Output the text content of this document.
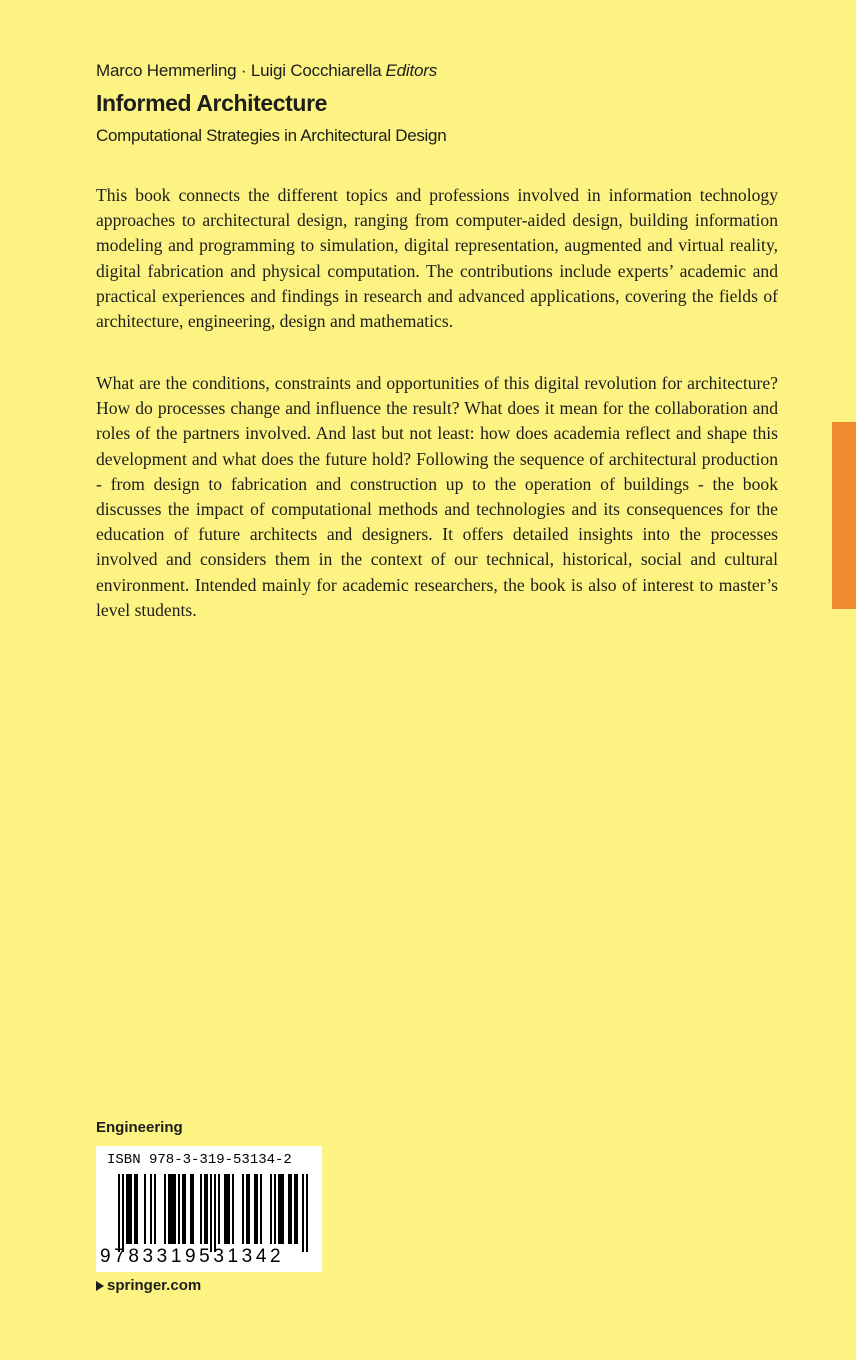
Marco Hemmerling · Luigi Cocchiarella Editors
Informed Architecture
Computational Strategies in Architectural Design

This book connects the different topics and professions involved in information technology approaches to architectural design, ranging from computer-aided design, building information modeling and programming to simulation, digital representation, augmented and virtual reality, digital fabrication and physical computation. The contributions include experts’ academic and practical experiences and findings in research and advanced applications, covering the fields of architecture, engineering, design and mathematics.

What are the conditions, constraints and opportunities of this digital revolution for architecture? How do processes change and influence the result? What does it mean for the collaboration and roles of the partners involved. And last but not least: how does academia reflect and shape this development and what does the future hold? Following the sequence of architectural production - from design to fabrication and construction up to the operation of buildings - the book discusses the impact of computational methods and technologies and its consequences for the education of future architects and designers. It offers detailed insights into the processes involved and considers them in the context of our technical, historical, social and cultural environment. Intended mainly for academic researchers, the book is also of interest to master’s level students.

Engineering
ISBN 978-3-319-53134-2
9783319531342
springer.com
